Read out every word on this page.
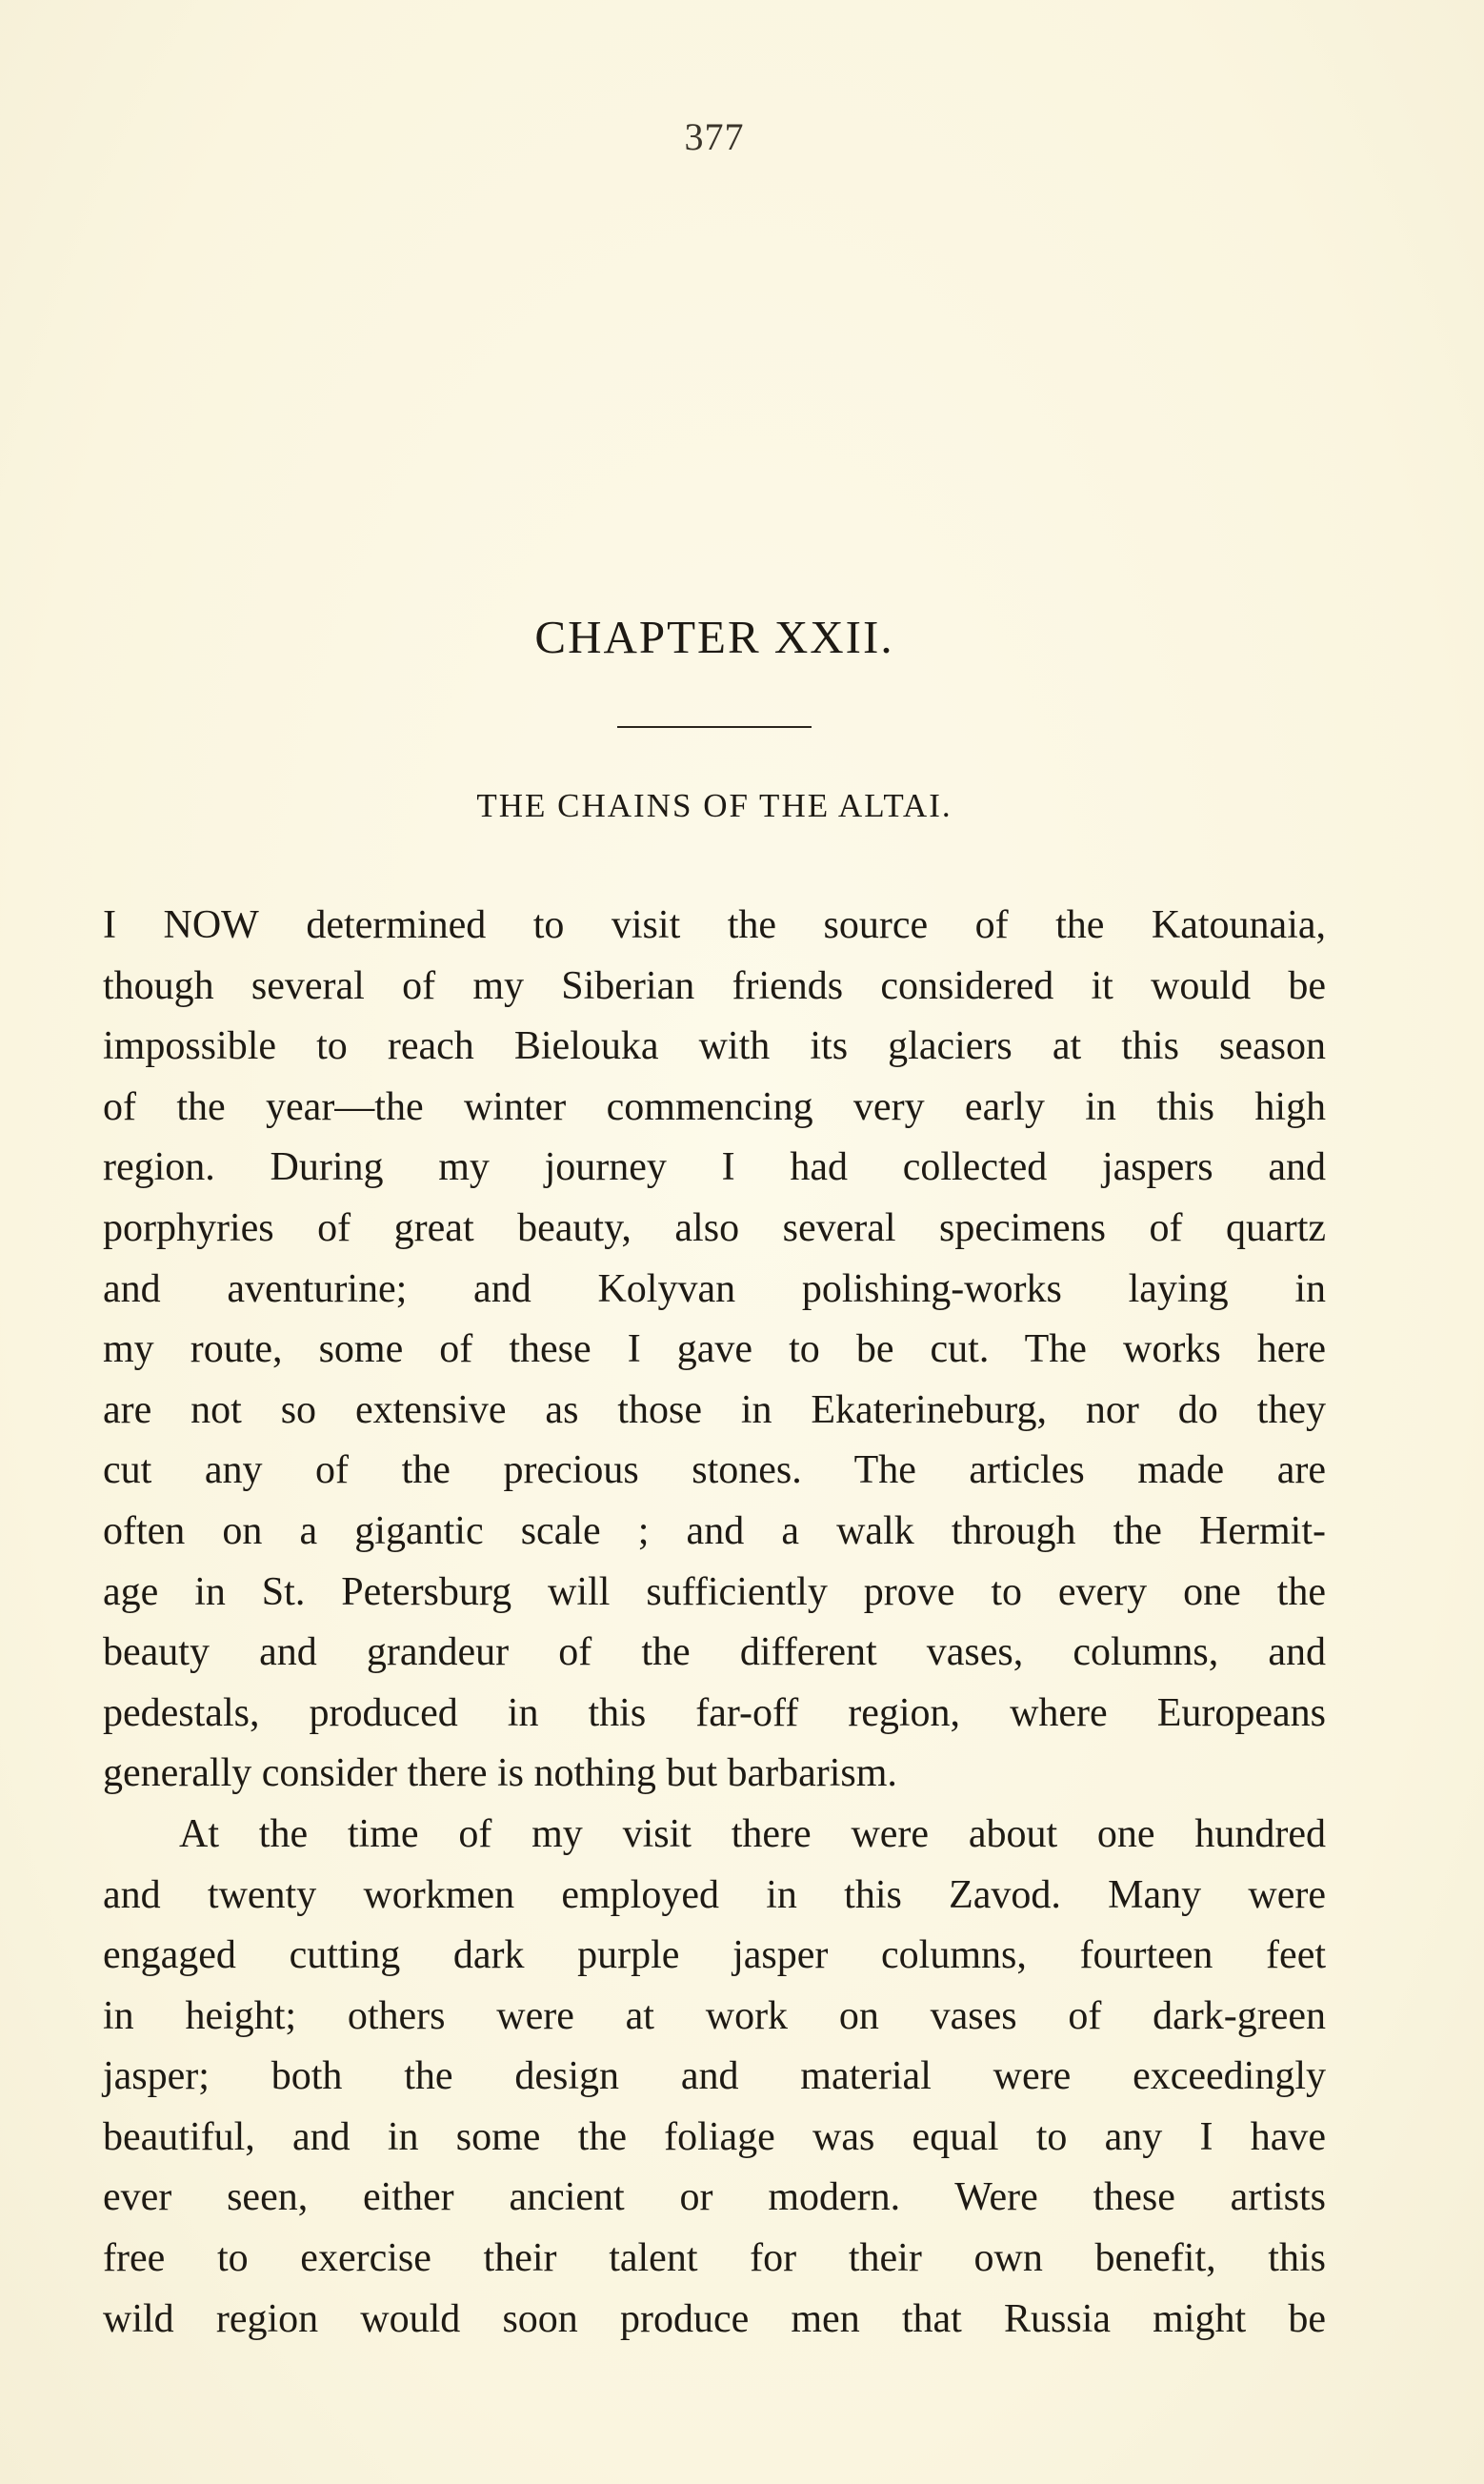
377
CHAPTER XXII.
THE CHAINS OF THE ALTAI.
I NOW determined to visit the source of the Katounaia,
though several of my Siberian friends considered it would be
impossible to reach Bielouka with its glaciers at this season
of the year—the winter commencing very early in this high
region. During my journey I had collected jaspers and
porphyries of great beauty, also several specimens of quartz
and aventurine; and Kolyvan polishing-works laying in
my route, some of these I gave to be cut. The works here
are not so extensive as those in Ekaterineburg, nor do they
cut any of the precious stones. The articles made are
often on a gigantic scale ; and a walk through the Hermit-
age in St. Petersburg will sufficiently prove to every one the
beauty and grandeur of the different vases, columns, and
pedestals, produced in this far-off region, where Europeans
generally consider there is nothing but barbarism.
At the time of my visit there were about one hundred
and twenty workmen employed in this Zavod. Many were
engaged cutting dark purple jasper columns, fourteen feet
in height; others were at work on vases of dark-green
jasper; both the design and material were exceedingly
beautiful, and in some the foliage was equal to any I have
ever seen, either ancient or modern. Were these artists
free to exercise their talent for their own benefit, this
wild region would soon produce men that Russia might be
